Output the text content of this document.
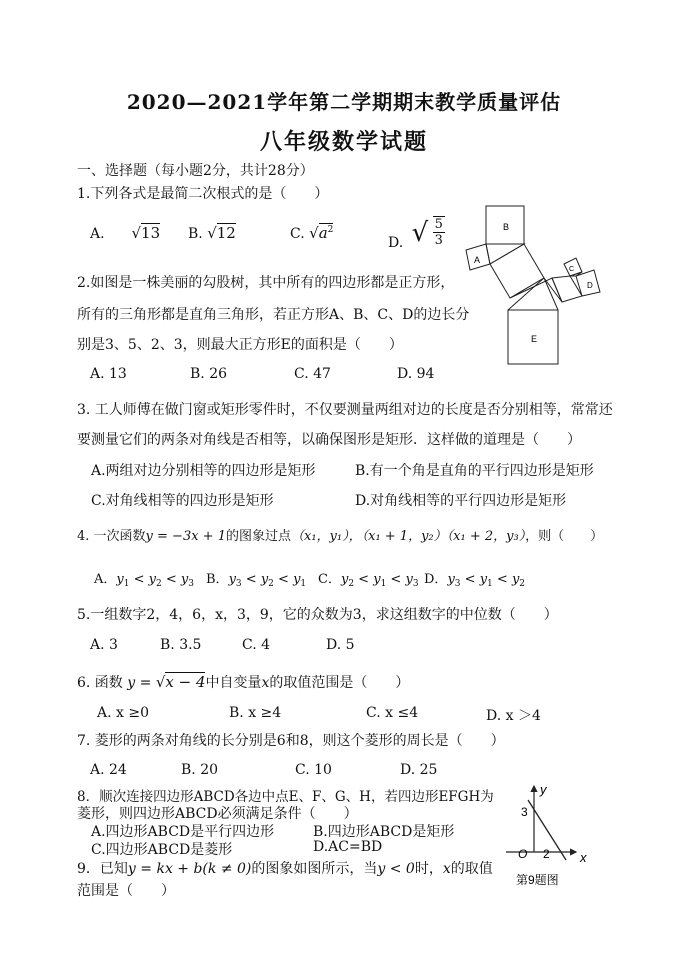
2020—2021学年第二学期期末教学质量评估
八年级数学试题
一、选择题（每小题2分，共计28分）
1.下列各式是最简二次根式的是（　　）
A. √13 B. √12	C. $√a^2$
D. √ $\frac{5}{3}$	B
A
C
D
E
2.如图是一株美丽的勾股树，其中所有的四边形都是正方形，
所有的三角形都是直角三角形，若正方形A、B、C、D的边长分
别是3、5、2、3，则最大正方形E的面积是（　　）
A. 13	B. 26	C. 47	D. 94
3. 工人师傅在做门窗或矩形零件时，不仅要测量两组对边的长度是否分别相等，常常还
要测量它们的两条对角线是否相等，以确保图形是矩形．这样做的道理是（　　）
A.两组对边分别相等的四边形是矩形	B.有一个角是直角的平行四边形是矩形
C.对角线相等的四边形是矩形	D.对角线相等的平行四边形是矩形
4. 一次函数y = −3x + 1的图象过点（x₁，y₁），（x₁ + 1，y₂）（x₁ + 2，y₃），则（　　）
A．$y_1 < y_2 < y_3$ B．$y_3 < y_2 < y_1$ C．$y_2 < y_1 < y_3$ D．$y_3 < y_1 < y_2$
5.一组数字2，4，6，x，3，9，它的众数为3，求这组数字的中位数（　　）
A. 3	B. 3.5	C. 4	D. 5
6. 函数 y = √x − 4中自变量x的取值范围是（　　）
A. x ≥0	B. x ≥4	C. x ≤4	D. x ＞4
7. 菱形的两条对角线的长分别是6和8，则这个菱形的周长是（　　）
A. 24	B. 20	C. 10	D. 25
8．顺次连接四边形ABCD各边中点E、F、G、H，若四边形EFGH为
菱形，则四边形ABCD必须满足条件（　　）
A.四边形ABCD是平行四边形	B.四边形ABCD是矩形
C.四边形ABCD是菱形	D.AC=BD
9．已知y = kx + b(k ≠ 0)的图象如图所示，当y < 0时，x的取值
范围是（　　）
y
x
O
3
2
第9题图
